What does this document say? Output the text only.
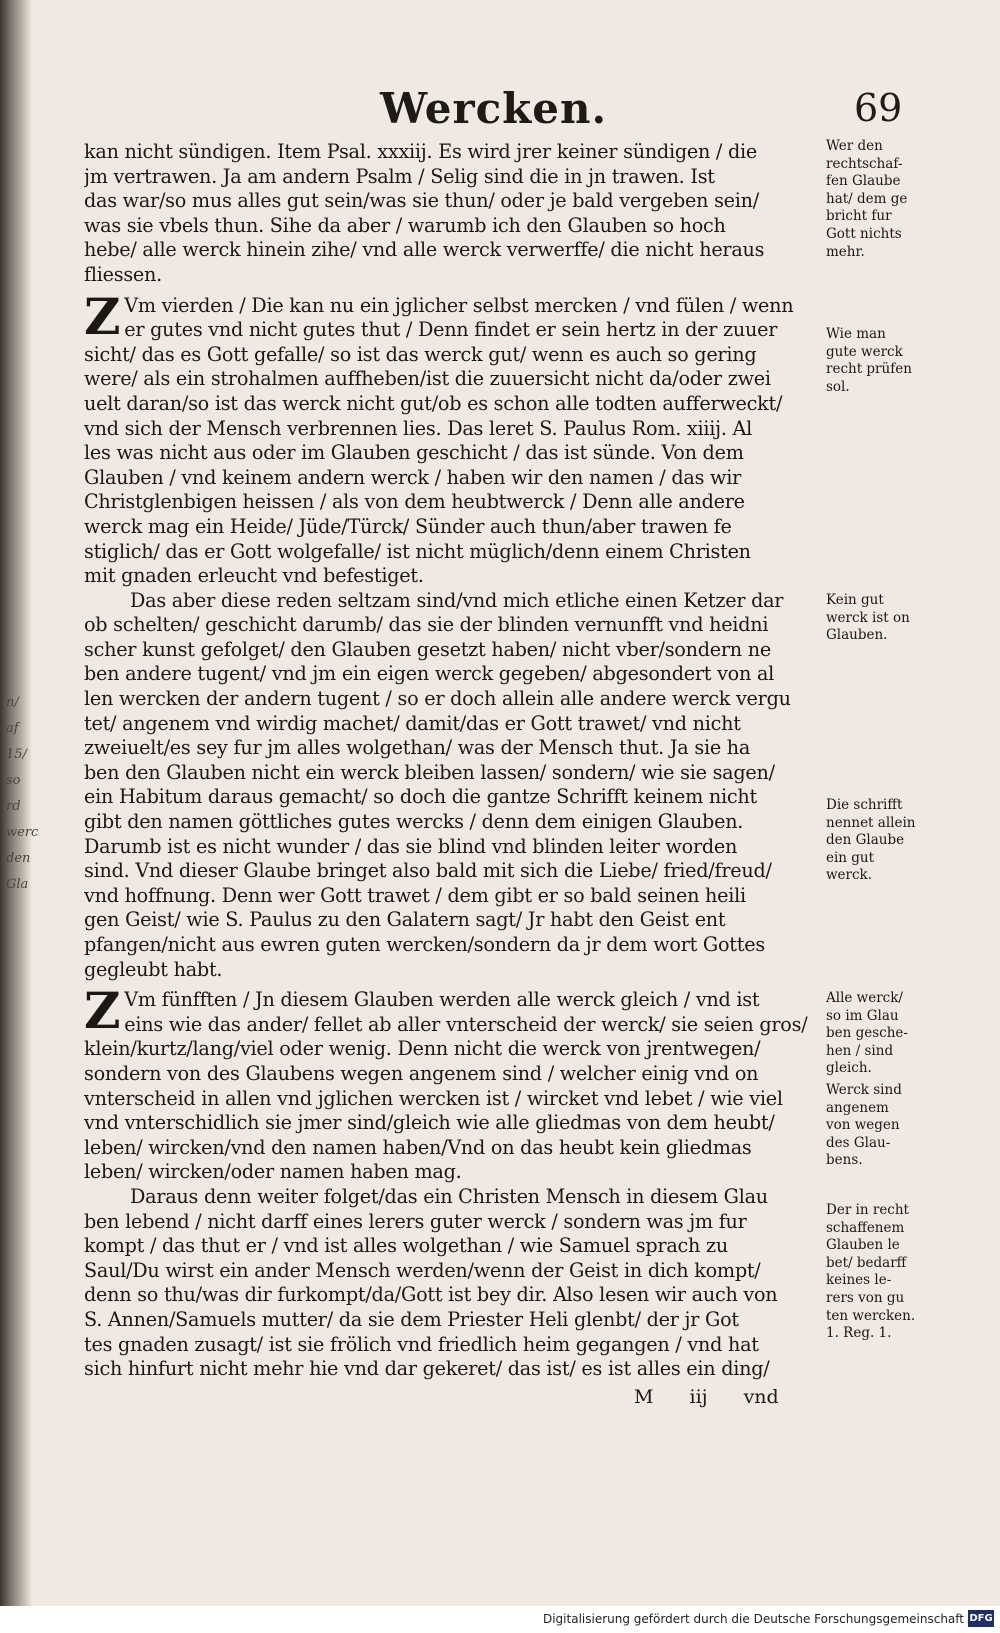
n/
af
15/
so
rd
werc
den
Gla
Wercken.	69
kan nicht sündigen. Item Psal. xxxiij. Es wird jrer keiner sündigen / die
jm vertrawen. Ja am andern Psalm / Selig sind die in jn trawen. Ist
das war/so mus alles gut sein/was sie thun/ oder je bald vergeben sein/
was sie vbels thun. Sihe da aber / warumb ich den Glauben so hoch
hebe/ alle werck hinein zihe/ vnd alle werck verwerffe/ die nicht heraus
fliessen.
Z Vm vierden / Die kan nu ein jglicher selbst mercken / vnd fülen / wenn
er gutes vnd nicht gutes thut / Denn findet er sein hertz in der zuuer
sicht/ das es Gott gefalle/ so ist das werck gut/ wenn es auch so gering
were/ als ein strohalmen auffheben/ist die zuuersicht nicht da/oder zwei
uelt daran/so ist das werck nicht gut/ob es schon alle todten aufferweckt/
vnd sich der Mensch verbrennen lies. Das leret S. Paulus Rom. xiiij. Al
les was nicht aus oder im Glauben geschicht / das ist sünde. Von dem
Glauben / vnd keinem andern werck / haben wir den namen / das wir
Christglenbigen heissen / als von dem heubtwerck / Denn alle andere
werck mag ein Heide/ Jüde/Türck/ Sünder auch thun/aber trawen fe
stiglich/ das er Gott wolgefalle/ ist nicht müglich/denn einem Christen
mit gnaden erleucht vnd befestiget.
Das aber diese reden seltzam sind/vnd mich etliche einen Ketzer dar
ob schelten/ geschicht darumb/ das sie der blinden vernunfft vnd heidni
scher kunst gefolget/ den Glauben gesetzt haben/ nicht vber/sondern ne
ben andere tugent/ vnd jm ein eigen werck gegeben/ abgesondert von al
len wercken der andern tugent / so er doch allein alle andere werck vergu
tet/ angenem vnd wirdig machet/ damit/das er Gott trawet/ vnd nicht
zweiuelt/es sey fur jm alles wolgethan/ was der Mensch thut. Ja sie ha
ben den Glauben nicht ein werck bleiben lassen/ sondern/ wie sie sagen/
ein Habitum daraus gemacht/ so doch die gantze Schrifft keinem nicht
gibt den namen göttliches gutes wercks / denn dem einigen Glauben.
Darumb ist es nicht wunder / das sie blind vnd blinden leiter worden
sind. Vnd dieser Glaube bringet also bald mit sich die Liebe/ fried/freud/
vnd hoffnung. Denn wer Gott trawet / dem gibt er so bald seinen heili
gen Geist/ wie S. Paulus zu den Galatern sagt/ Jr habt den Geist ent
pfangen/nicht aus ewren guten wercken/sondern da jr dem wort Gottes
gegleubt habt.
Z Vm fünfften / Jn diesem Glauben werden alle werck gleich / vnd ist
eins wie das ander/ fellet ab aller vnterscheid der werck/ sie seien gros/
klein/kurtz/lang/viel oder wenig. Denn nicht die werck von jrentwegen/
sondern von des Glaubens wegen angenem sind / welcher einig vnd on
vnterscheid in allen vnd jglichen wercken ist / wircket vnd lebet / wie viel
vnd vnterschidlich sie jmer sind/gleich wie alle gliedmas von dem heubt/
leben/ wircken/vnd den namen haben/Vnd on das heubt kein gliedmas
leben/ wircken/oder namen haben mag.
Daraus denn weiter folget/das ein Christen Mensch in diesem Glau
ben lebend / nicht darff eines lerers guter werck / sondern was jm fur
kompt / das thut er / vnd ist alles wolgethan / wie Samuel sprach zu
Saul/Du wirst ein ander Mensch werden/wenn der Geist in dich kompt/
denn so thu/was dir furkompt/da/Gott ist bey dir. Also lesen wir auch von
S. Annen/Samuels mutter/ da sie dem Priester Heli glenbt/ der jr Got
tes gnaden zusagt/ ist sie frölich vnd friedlich heim gegangen / vnd hat
sich hinfurt nicht mehr hie vnd dar gekeret/ das ist/ es ist alles ein ding/
Wer den
rechtschaf-
fen Glaube
hat/ dem ge
bricht fur
Gott nichts
mehr.
Wie man
gute werck
recht prüfen
sol.
Kein gut
werck ist on
Glauben.
Die schrifft
nennet allein
den Glaube
ein gut
werck.
Alle werck/
so im Glau
ben gesche-
hen / sind
gleich.
Werck sind
angenem
von wegen
des Glau-
bens.
Der in recht
schaffenem
Glauben le
bet/ bedarff
keines le-
rers von gu
ten wercken.
1. Reg. 1.
M iij vnd
Digitalisierung gefördert durch die Deutsche Forschungsgemeinschaft DFG
